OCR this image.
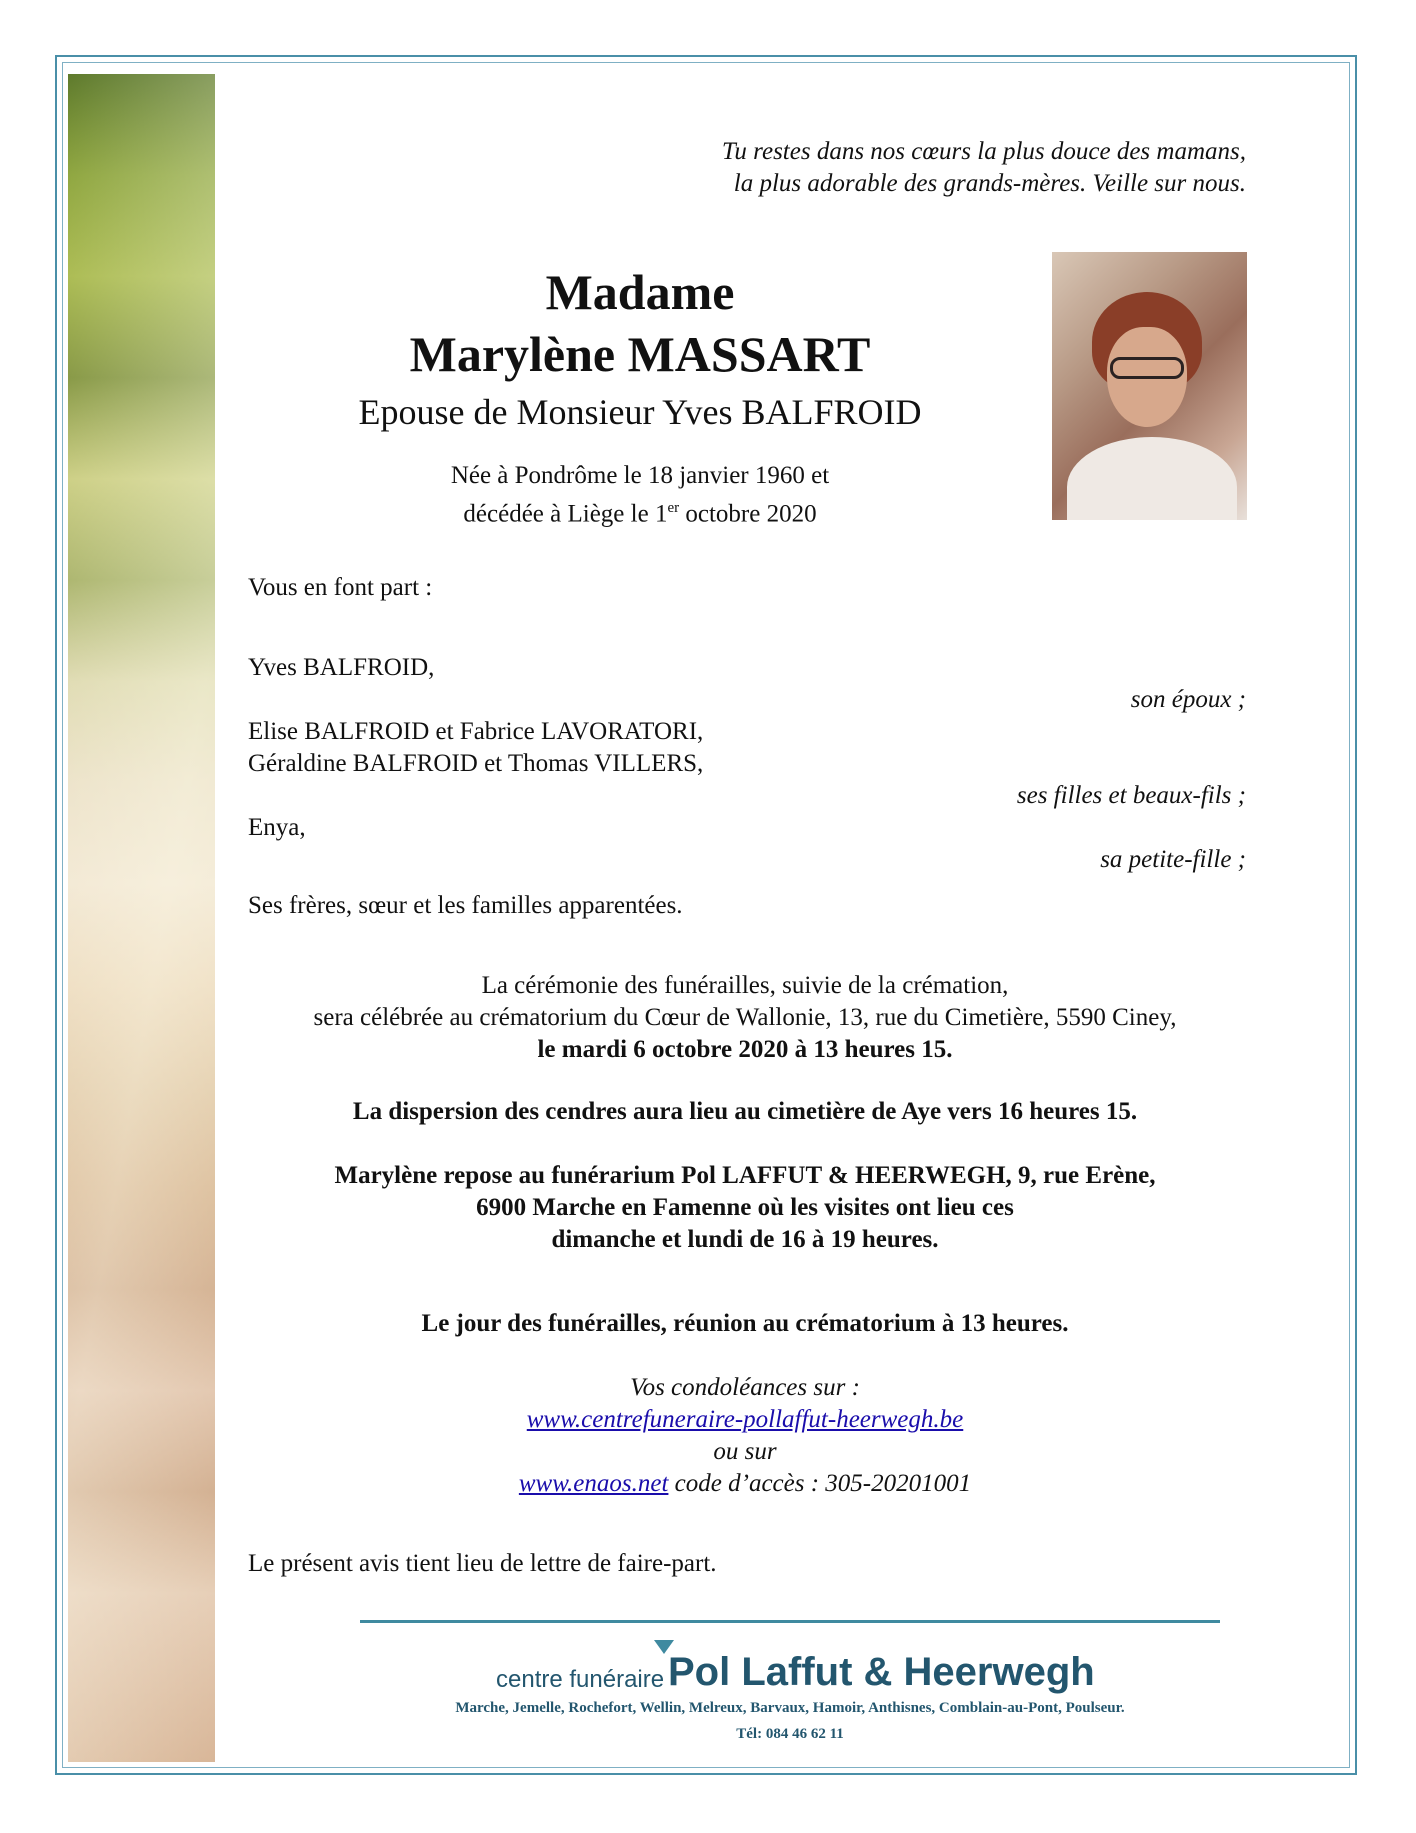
Tu restes dans nos cœurs la plus douce des mamans,
la plus adorable des grands-mères. Veille sur nous.
Madame
Marylène MASSART
Epouse de Monsieur Yves BALFROID
Née à Pondrôme le 18 janvier 1960 et
décédée à Liège le 1er octobre 2020
Vous en font part :
Yves BALFROID,
son époux ;
Elise BALFROID et Fabrice LAVORATORI,
Géraldine BALFROID et Thomas VILLERS,
ses filles et beaux-fils ;
Enya,
sa petite-fille ;
Ses frères, sœur et les familles apparentées.
La cérémonie des funérailles, suivie de la crémation,
sera célébrée au crématorium du Cœur de Wallonie, 13, rue du Cimetière, 5590 Ciney,
le mardi 6 octobre 2020 à 13 heures 15.
La dispersion des cendres aura lieu au cimetière de Aye vers 16 heures 15.
Marylène repose au funérarium Pol LAFFUT & HEERWEGH, 9, rue Erène,
6900 Marche en Famenne où les visites ont lieu ces
dimanche et lundi de 16 à 19 heures.
Le jour des funérailles, réunion au crématorium à 13 heures.
Vos condoléances sur :
www.centrefuneraire-pollaffut-heerwegh.be
ou sur
www.enaos.net code d’accès : 305-20201001
Le présent avis tient lieu de lettre de faire-part.
centre funéraire Pol Laffut & Heerwegh
Marche, Jemelle, Rochefort, Wellin, Melreux, Barvaux, Hamoir, Anthisnes, Comblain-au-Pont, Poulseur.
Tél: 084 46 62 11
